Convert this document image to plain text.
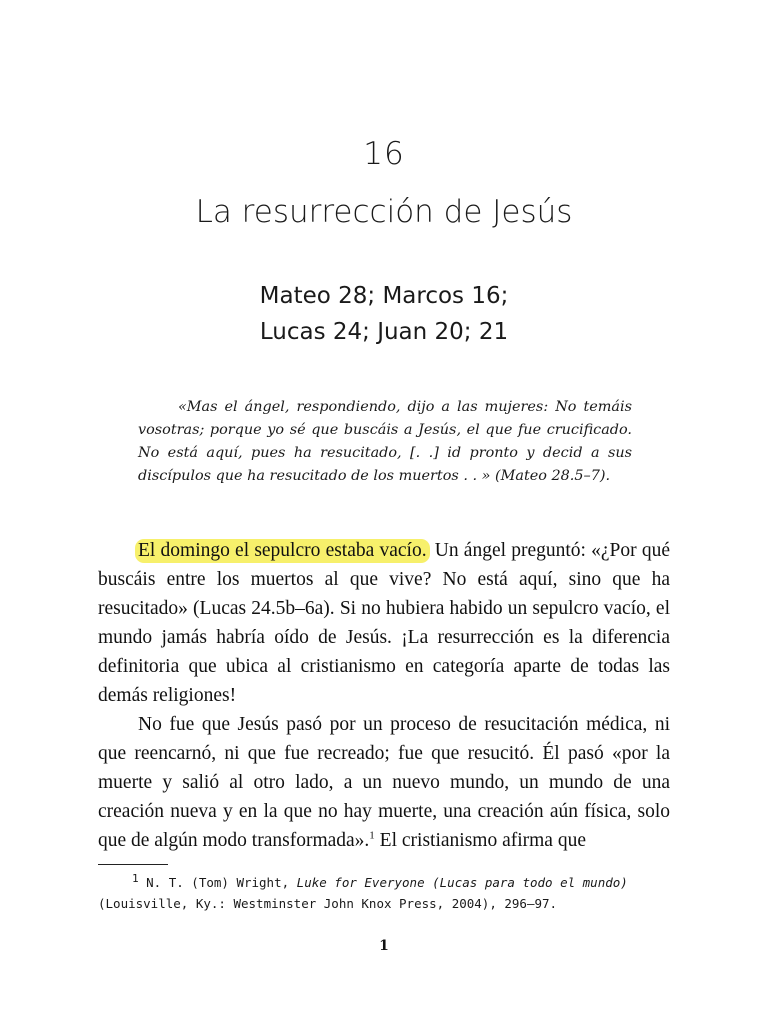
16
La resurrección de Jesús
Mateo 28; Marcos 16;
Lucas 24; Juan 20; 21
«Mas el ángel, respondiendo, dijo a las mujeres: No temáis vosotras; porque yo sé que buscáis a Jesús, el que fue crucificado. No está aquí, pues ha resucitado, [. .] id pronto y decid a sus discípulos que ha resucitado de los muertos . . » (Mateo 28.5–7).

El domingo el sepulcro estaba vacío. Un ángel preguntó: «¿Por qué buscáis entre los muertos al que vive? No está aquí, sino que ha resucitado» (Lucas 24.5b–6a). Si no hubiera habido un sepulcro vacío, el mundo jamás habría oído de Jesús. ¡La resurrección es la diferencia definitoria que ubica al cristianismo en categoría aparte de todas las demás religiones!

No fue que Jesús pasó por un proceso de resucitación médica, ni que reencarnó, ni que fue recreado; fue que resucitó. Él pasó «por la muerte y salió al otro lado, a un nuevo mundo, un mundo de una creación nueva y en la que no hay muerte, una creación aún física, solo que de algún modo transformada».$^1$ El cristianismo afirma que

$^1$ N. T. (Tom) Wright, Luke for Everyone (Lucas para todo el mundo) (Louisville, Ky.: Westminster John Knox Press, 2004), 296–97.
1
